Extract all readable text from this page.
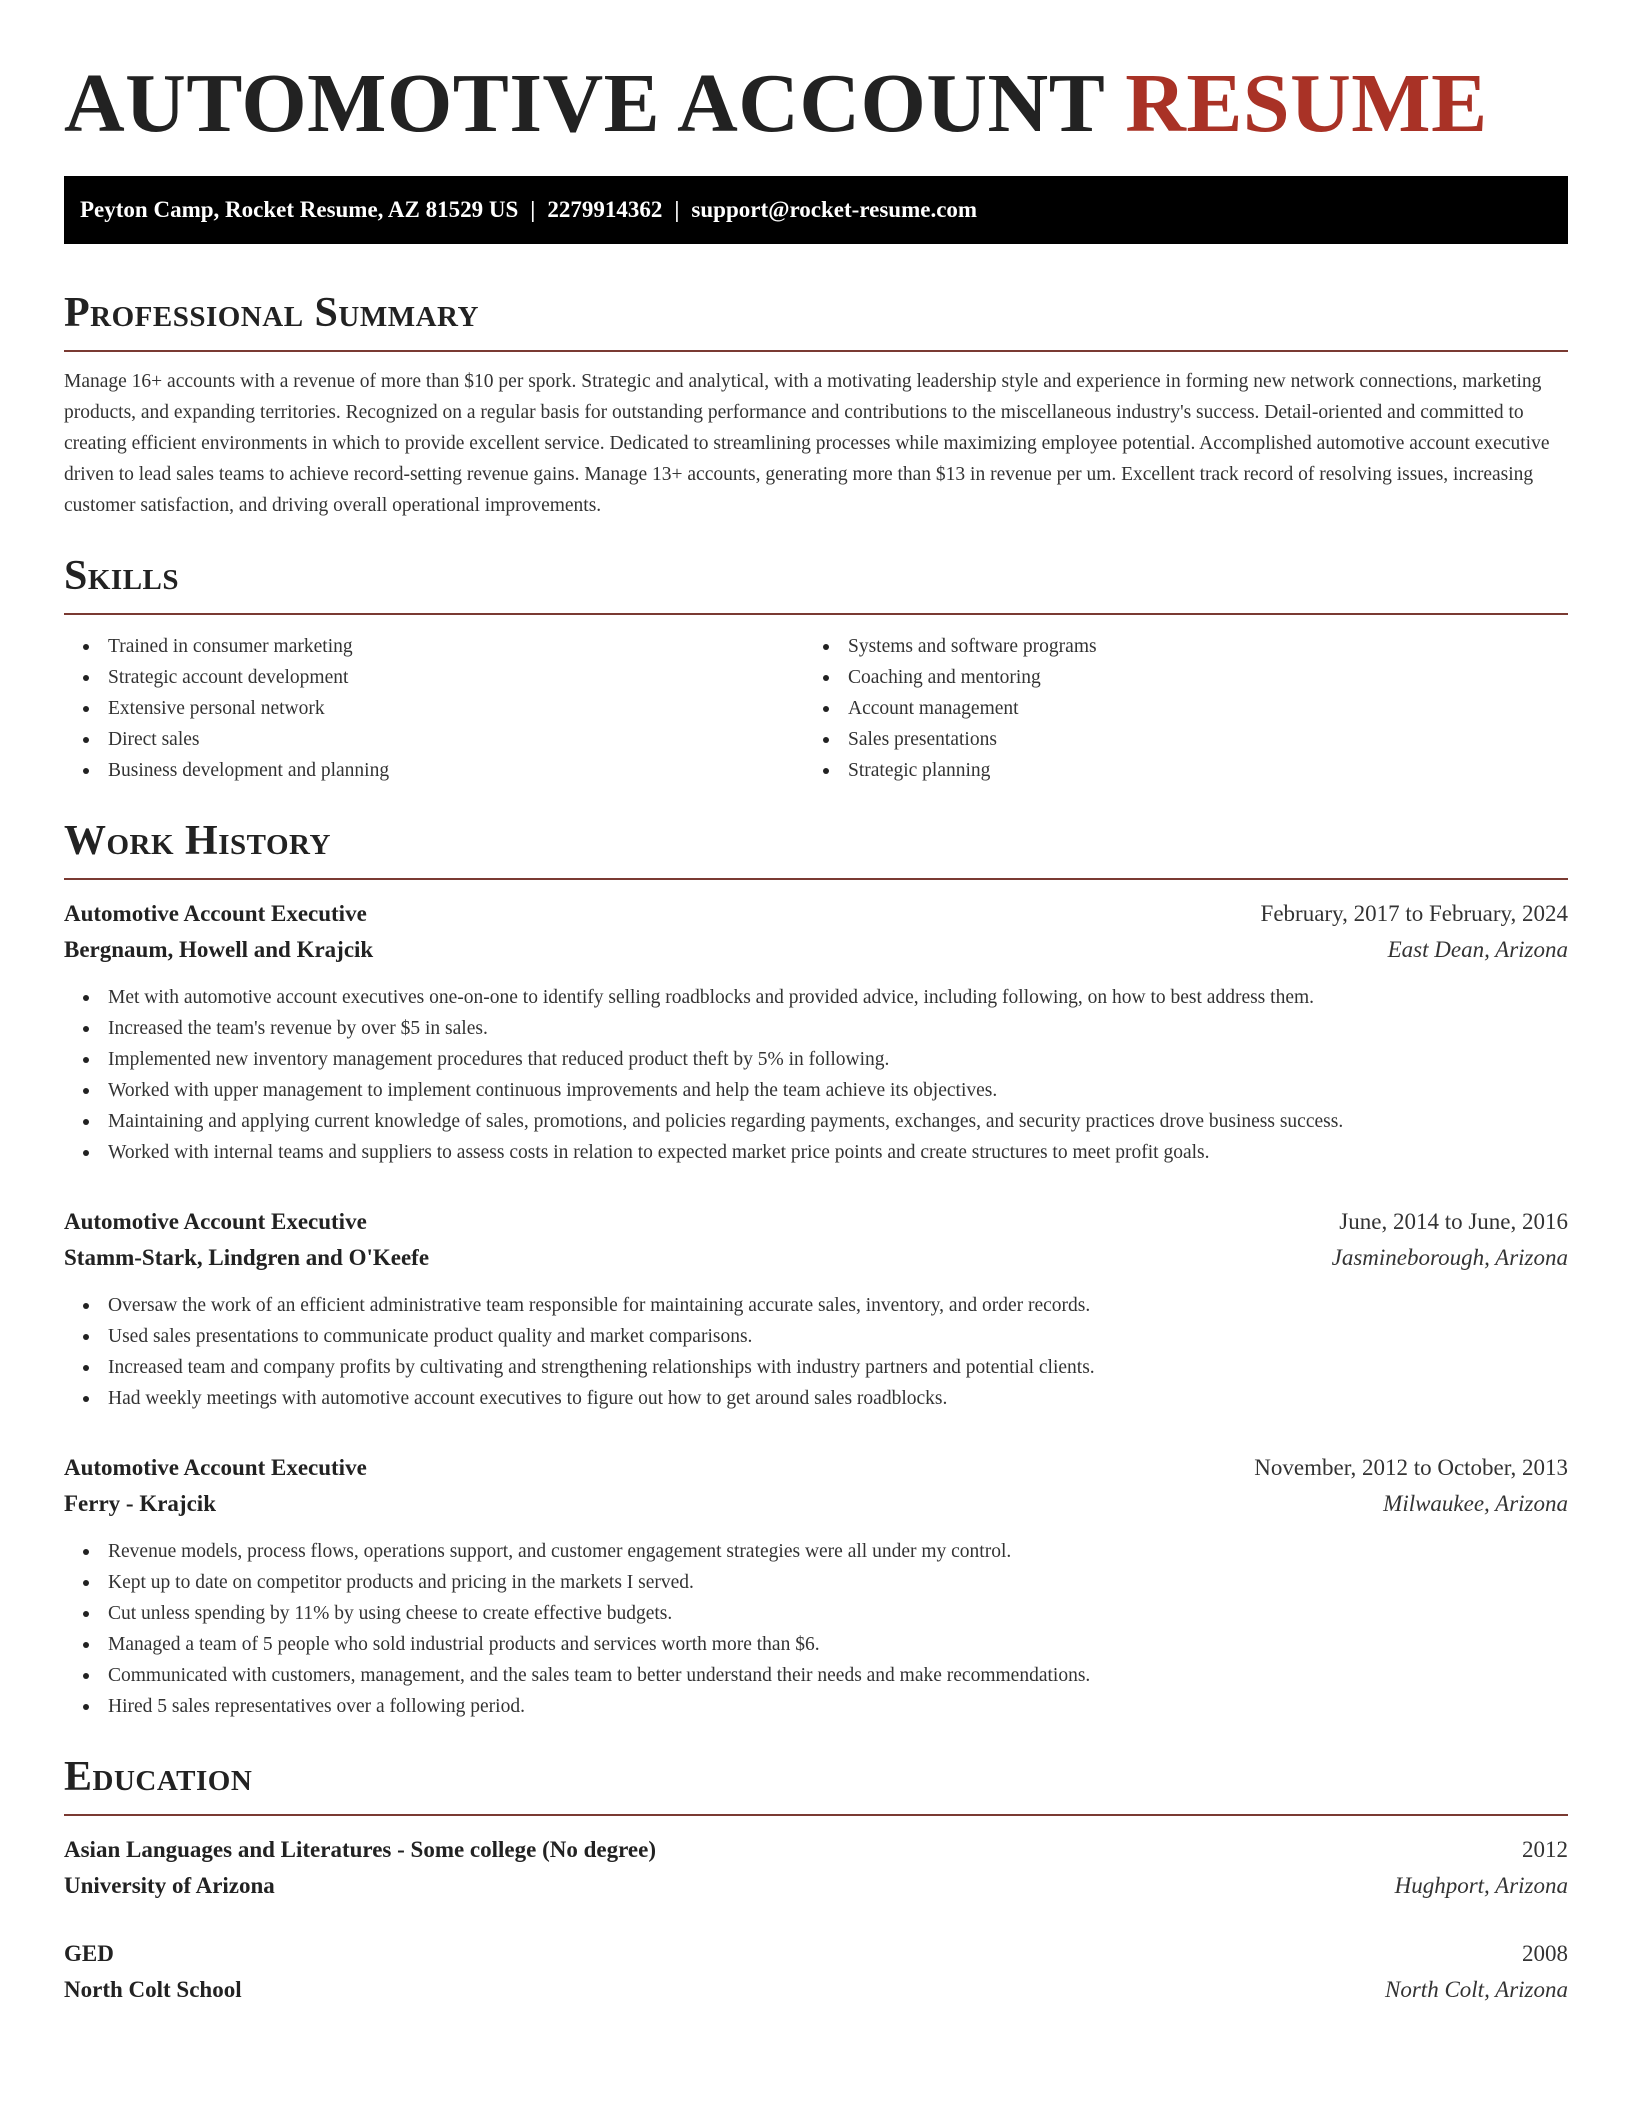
AUTOMOTIVE ACCOUNT RESUME
Peyton Camp, Rocket Resume, AZ 81529 US | 2279914362 | support@rocket-resume.com
Professional Summary

Manage 16+ accounts with a revenue of more than $10 per spork. Strategic and analytical, with a motivating leadership style and experience in forming new network connections, marketing products, and expanding territories. Recognized on a regular basis for outstanding performance and contributions to the miscellaneous industry's success. Detail-oriented and committed to creating efficient environments in which to provide excellent service. Dedicated to streamlining processes while maximizing employee potential. Accomplished automotive account executive driven to lead sales teams to achieve record-setting revenue gains. Manage 13+ accounts, generating more than $13 in revenue per um. Excellent track record of resolving issues, increasing customer satisfaction, and driving overall operational improvements.

Skills
Trained in consumer marketing
Strategic account development
Extensive personal network
Direct sales
Business development and planning
Systems and software programs
Coaching and mentoring
Account management
Sales presentations
Strategic planning
Work History
Automotive Account Executive	February, 2017 to February, 2024
Bergnaum, Howell and Krajcik	East Dean, Arizona
Met with automotive account executives one-on-one to identify selling roadblocks and provided advice, including following, on how to best address them.
Increased the team's revenue by over $5 in sales.
Implemented new inventory management procedures that reduced product theft by 5% in following.
Worked with upper management to implement continuous improvements and help the team achieve its objectives.
Maintaining and applying current knowledge of sales, promotions, and policies regarding payments, exchanges, and security practices drove business success.
Worked with internal teams and suppliers to assess costs in relation to expected market price points and create structures to meet profit goals.
Automotive Account Executive	June, 2014 to June, 2016
Stamm-Stark, Lindgren and O'Keefe	Jasmineborough, Arizona
Oversaw the work of an efficient administrative team responsible for maintaining accurate sales, inventory, and order records.
Used sales presentations to communicate product quality and market comparisons.
Increased team and company profits by cultivating and strengthening relationships with industry partners and potential clients.
Had weekly meetings with automotive account executives to figure out how to get around sales roadblocks.
Automotive Account Executive	November, 2012 to October, 2013
Ferry - Krajcik	Milwaukee, Arizona
Revenue models, process flows, operations support, and customer engagement strategies were all under my control.
Kept up to date on competitor products and pricing in the markets I served.
Cut unless spending by 11% by using cheese to create effective budgets.
Managed a team of 5 people who sold industrial products and services worth more than $6.
Communicated with customers, management, and the sales team to better understand their needs and make recommendations.
Hired 5 sales representatives over a following period.
Education
Asian Languages and Literatures - Some college (No degree)	2012
University of Arizona	Hughport, Arizona
GED	2008
North Colt School	North Colt, Arizona
